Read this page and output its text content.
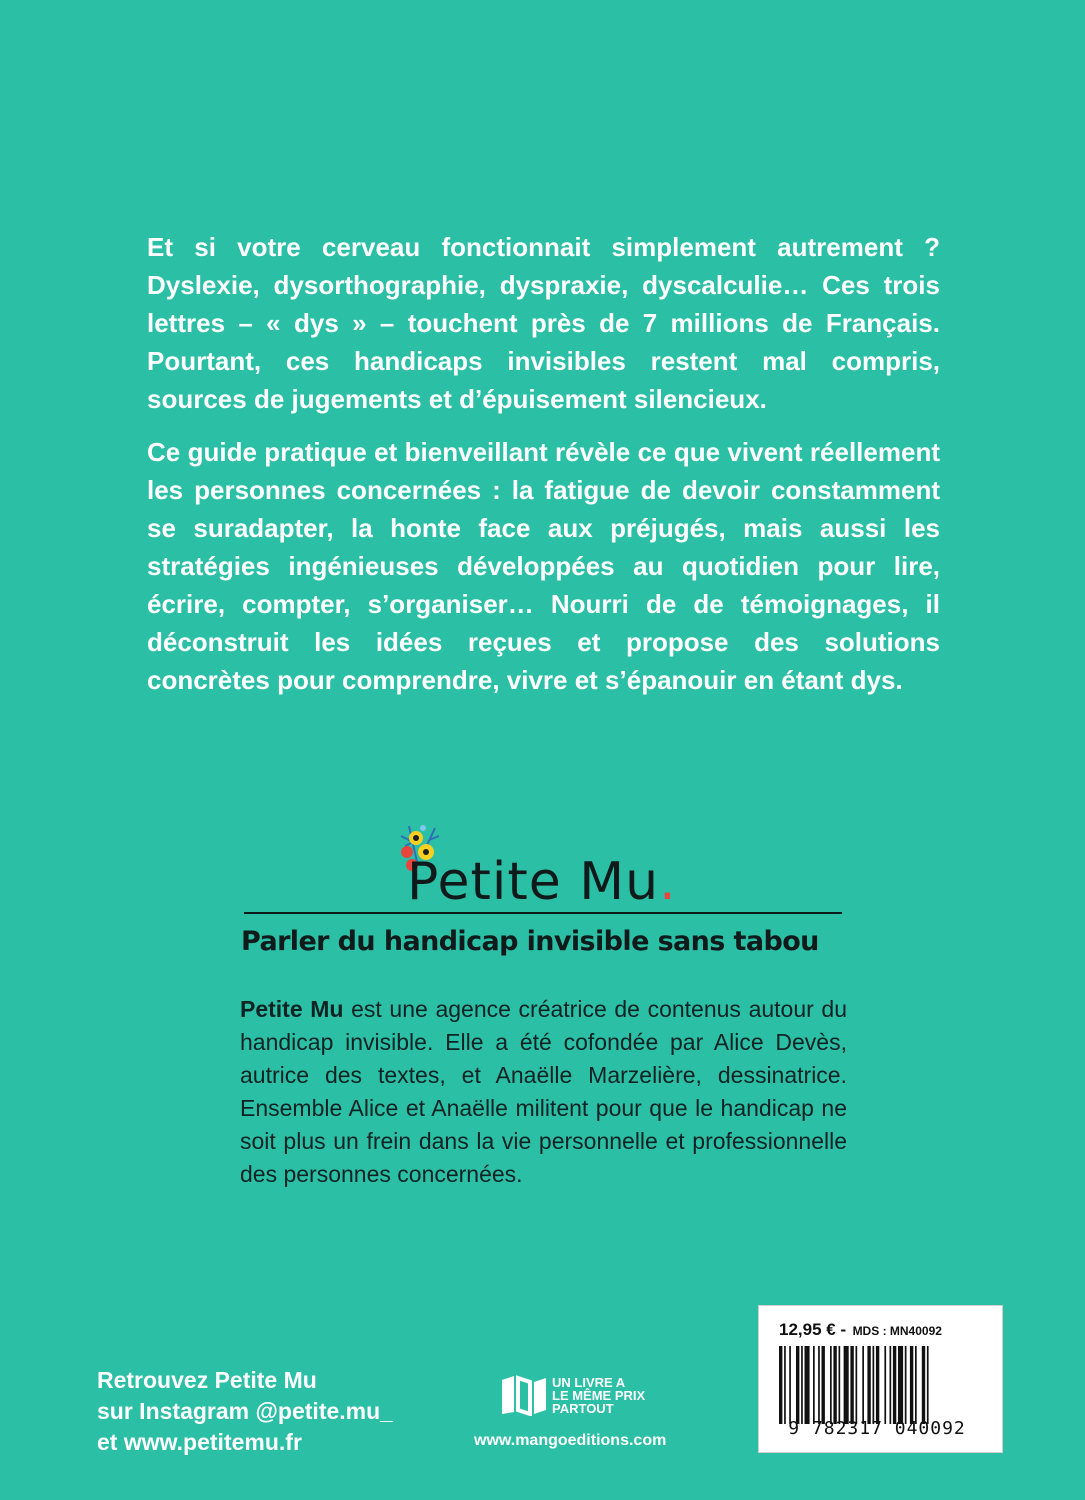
Et si votre cerveau fonctionnait simplement autrement ? Dyslexie, dysorthographie, dyspraxie, dyscalculie… Ces trois lettres – « dys » – touchent près de 7 millions de Français. Pourtant, ces handicaps invisibles restent mal compris, sources de jugements et d’épuisement silencieux.

Ce guide pratique et bienveillant révèle ce que vivent réellement les personnes concernées : la fatigue de devoir constamment se suradapter, la honte face aux préjugés, mais aussi les stratégies ingénieuses développées au quotidien pour lire, écrire, compter, s’organiser… Nourri de de témoignages, il déconstruit les idées reçues et propose des solutions concrètes pour comprendre, vivre et s’épanouir en étant dys.

Petite Mu.
Parler du handicap invisible sans tabou
Petite Mu est une agence créatrice de contenus autour du handicap invisible. Elle a été cofondée par Alice Devès, autrice des textes, et Anaëlle Marzelière, dessinatrice. Ensemble Alice et Anaëlle militent pour que le handicap ne soit plus un frein dans la vie personnelle et professionnelle des personnes concernées.
Retrouvez Petite Mu
sur Instagram @petite.mu_
et www.petitemu.fr
UN LIVRE A
LE MÊME PRIX
PARTOUT
www.mangoeditions.com
12,95 € - MDS : MN40092
9 782317 040092
